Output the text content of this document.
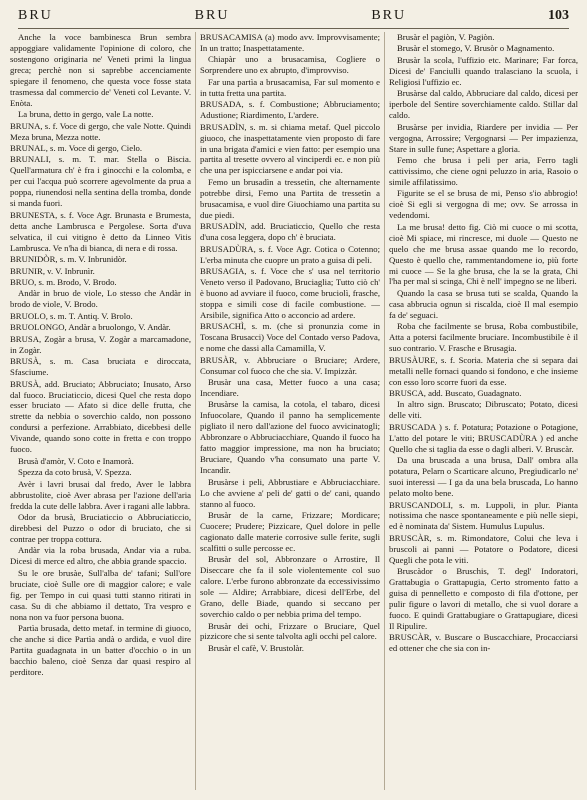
BRU	BRU	BRU	103

Anche la voce bambinesca Brun sembra appoggiare validamente l'opinione di coloro, che sostengono originaria ne' Veneti primi la lingua greca; perchè non si saprebbe accenciamente spiegare il fenomeno, che questa voce fosse stata trasmessa dal commercio de' Veneti col Levante. V. Enòta.

La bruna, detto in gergo, vale La notte.

BRUNA, s. f. Voce di gergo, che vale Notte. Quindi Meza bruna, Mezza notte.

BRUNAL, s. m. Voce di gergo, Cielo.

BRUNALI, s. m. T. mar. Stella o Biscia. Quell'armatura ch' è fra i ginocchi e la colomba, e per cui l'acqua può scorrere agevolmente da prua a poppa, riunendosi nella sentina della tromba, donde si manda fuori.

BRUNESTA, s. f. Voce Agr. Brunasta e Brumesta, detta anche Lambrusca e Pergolese. Sorta d'uva selvatica, il cui vitigno è detto da Linneo Vitis Lambrusca. Ve n'ha di bianca, di nera e di rossa.

BRUNIDÒR, s. m. V. Inbrunidòr.

BRUNIR, v. V. Inbrunìr.

BRUO, s. m. Brodo, V. Brodo.

Andàr in bruo de viole, Lo stesso che Andàr in brodo de viole, V. Brodo.

BRUOLO, s. m. T. Antiq. V. Brolo.

BRUOLONGO, Andàr a bruolongo, V. Andàr.

BRUSA, Zogàr a brusa, V. Zogàr a marcamadone, in Zogàr.

BRUSÀ, s. m. Casa bruciata e diroccata, Sfasciume.

BRUSÀ, add. Bruciato; Abbruciato; Inusato, Arso dal fuoco. Bruciaticcio, dicesi Quel che resta dopo esser bruciato — Afato si dice delle frutta, che strette da nebbia o soverchio caldo, non possono condursi a perfezione. Arrabbiato, dicebbesi delle Vivande, quando sono cotte in fretta e con troppo fuoco.

Brusà d'amòr, V. Coto e Inamorà.

Spezza da coto brusà, V. Spezza.

Avèr i lavri brusai dal fredo, Aver le labbra abbrustolite, cioè Aver abrasa per l'azione dell'aria fredda la cute delle labbra. Aver i ragani alle labbra.

Odor da brusà, Bruciaticcio o Abbruciaticcio, direbbesi del Puzzo o odor di bruciato, che si contrae per troppa cottura.

Andàr via la roba brusada, Andar via a ruba. Dicesi di merce ed altro, che abbia grande spaccio.

Su le ore brusàe, Sull'alba de' tafani; Sull'ore bruciate, cioè Sulle ore di maggior calore; e vale fig. per Tempo in cui quasi tutti stanno ritirati in casa. Su di che abbiamo il dettato, Tra vespro e nona non va fuor persona buona.

Partìa brusada, detto metaf. in termine di giuoco, che anche si dice Partìa andà o ardida, e vuol dire Partita guadagnata in un batter d'occhio o in un bacchio baleno, cioè Senza dar quasi respiro al perditore.

BRUSACAMISA (a) modo avv. Improvvisamente; In un tratto; Inaspettatamente.

Chiapàr uno a brusacamisa, Cogliere o Sorprendere uno ex abrupto, d'improvviso.

Far una partìa a brusacamisa, Far sul momento e in tutta fretta una partita.

BRUSADA, s. f. Combustione; Abbruciamento; Adustione; Riardimento, L'ardere.

BRUSADÌN, s. m. si chiama metaf. Quel piccolo giuoco, che inaspettatamente vien proposto di fare in una brigata d'amici e vien fatto: per esempio una partita al tresette ovvero al vinciperdi ec. e non più che una per ispicciarsene e andar poi via.

Femo un brusadìn a tressetìn, che alternamente potrebbe dirsi, Femo una Partita de tressetìn a brusacamisa, e vuol dire Giuochiamo una partita su due piedi.

BRUSADÌN, add. Bruciaticcio, Quello che resta d'una cosa leggera, dopo ch' è bruciata.

BRUSADÙRA, s. f. Voce Agr. Cotica o Cotenno; L'erba minuta che cuopre un prato a guisa di peli.

BRUSAGIA, s. f. Voce che s' usa nel territorio Veneto verso il Padovano, Bruciaglia; Tutto ciò ch' è buono ad avviare il fuoco, come bruciolì, frasche, stoppa e simili cose di facile combustione. — Arsibile, significa Atto o acconcio ad ardere.

BRUSACHÌ, s. m. (che si pronunzia come in Toscana Brusacci) Voce del Contado verso Padova, e nome che dassi alla Camamilla, V.

BRUSÀR, v. Abbruciare o Bruciare; Ardere, Consumar col fuoco che che sia. V. Impizzàr.

Brusàr una casa, Metter fuoco a una casa; Incendiare.

Brusàrse la camisa, la cotola, el tabaro, dicesi Infuocolare, Quando il panno ha semplicemente pigliato il nero dall'azione del fuoco avvicinatogli; Abbronzare o Abbruciacchiare, Quando il fuoco ha fatto maggior impressione, ma non ha bruciato; Bruciare, Quando v'ha consumato una parte V. Incandìr.

Brusàrse i peli, Abbrustiare e Abbruciacchiare. Lo che avviene a' peli de' gatti o de' cani, quando stanno al fuoco.

Brusàr de la carne, Frizzare; Mordicare; Cuocere; Prudere; Pizzicare, Quel dolore in pelle cagionato dalle materie corrosive sulle ferite, sugli scalfitti o sulle percosse ec.

Brusàr del sol, Abbronzare o Arrostire, Il Diseccare che fa il sole violentemente col suo calore. L'erbe furono abbronzate da eccessivissimo sole — Aldire; Arrabbiare, dicesi dell'Erbe, del Grano, delle Biade, quando si seccano per soverchio caldo o per nebbia prima del tempo.

Brusàr dei ochi, Frizzare o Bruciare, Quel pizzicore che si sente talvolta agli occhi pel calore.

Brusàr el cafè, V. Brustolàr.

Brusàr el pagiòn, V. Pagiòn.

Brusàr el stomego, V. Brusòr o Magnamento.

Brusàr la scola, l'uffizio etc. Marinare; Far forca, Dicesi de' Fanciulli quando tralasciano la scuola, i Religiosi l'uffizio ec.

Brusàrse dal caldo, Abbruciare dal caldo, dicesi per iperbole del Sentire soverchiamente caldo. Stillar dal caldo.

Brusàrse per invidia, Riardere per invidia — Per vergogna, Arrossire; Vergognarsi — Per impazienza, Stare in sulle fune; Aspettare a gloria.

Femo che brusa i peli per aria, Ferro tagli cattivissimo, che ciene ogni peluzzo in aria, Rasoio o simile affilatissimo.

Figurite se el se brusa de mi, Penso s'io abbrogio! cioè Si egli si vergogna di me; ovv. Se arrossa in vedendomi.

La me brusa! detto fig. Ciò mi cuoce o mi scotta, cioè Mi spiace, mi rincresce, mi duole — Questo ne quelo che me brusa assae quando me lo recordo, Questo è quello che, rammentandomene io, più forte mi cuoce — Se la ghe brusa, che la se la grata, Chi l'ha per mal si scinga, Chi è nell' impegno se ne liberi.

Quando la casa se brusa tuti se scalda, Quando la casa abbrucia ognun si riscalda, cioè Il mal esempio fa de' seguaci.

Roba che facilmente se brusa, Roba combustibile, Atta a potersi facilmente bruciare. Incombustibile è il suo contrario. V. Frasche e Brusagia.

BRUSÀURE, s. f. Scoria. Materia che si separa dai metalli nelle fornaci quando si fondono, e che insieme con esso loro scorre fuori da esse.

BRUSCA, add. Buscato, Guadagnato.

In altro sign. Bruscato; Dibruscato; Potato, dicesi delle viti.

BRUSCADA ) s. f. Potatura; Potazione o Potagione, L'atto del potare le viti; BRUSCADÙRA ) ed anche Quello che si taglia da esse o dagli alberi. V. Bruscàr.

Da una bruscada a una brusa, Dall' ombra alla potatura, Pelarn o Scarticare alcuno, Pregiudicarlo ne' suoi interessi — I ga da una bela bruscada, Lo hanno pelato molto bene.

BRUSCANDOLI, s. m. Luppoli, in plur. Pianta notissima che nasce spontaneamente e più nelle siepi, ed è nominata da' Sistem. Humulus Lupulus.

BRUSCÀR, s. m. Rimondatore, Colui che leva i bruscoli ai panni — Potatore o Podatore, dicesi Quegli che pota le viti.

Bruscàdor o Bruschis, T. degl' Indoratori, Grattabugia o Grattapugia, Certo stromento fatto a guisa di pennelletto e composto di fila d'ottone, per pulir figure o lavori di metallo, che si vuol dorare a fuoco. E quindi Grattabugiare o Grattapugiare, dicesi Il Ripulire.

BRUSCÀR, v. Buscare o Buscacchiare, Procacciarsi ed ottener che che sia con in-
